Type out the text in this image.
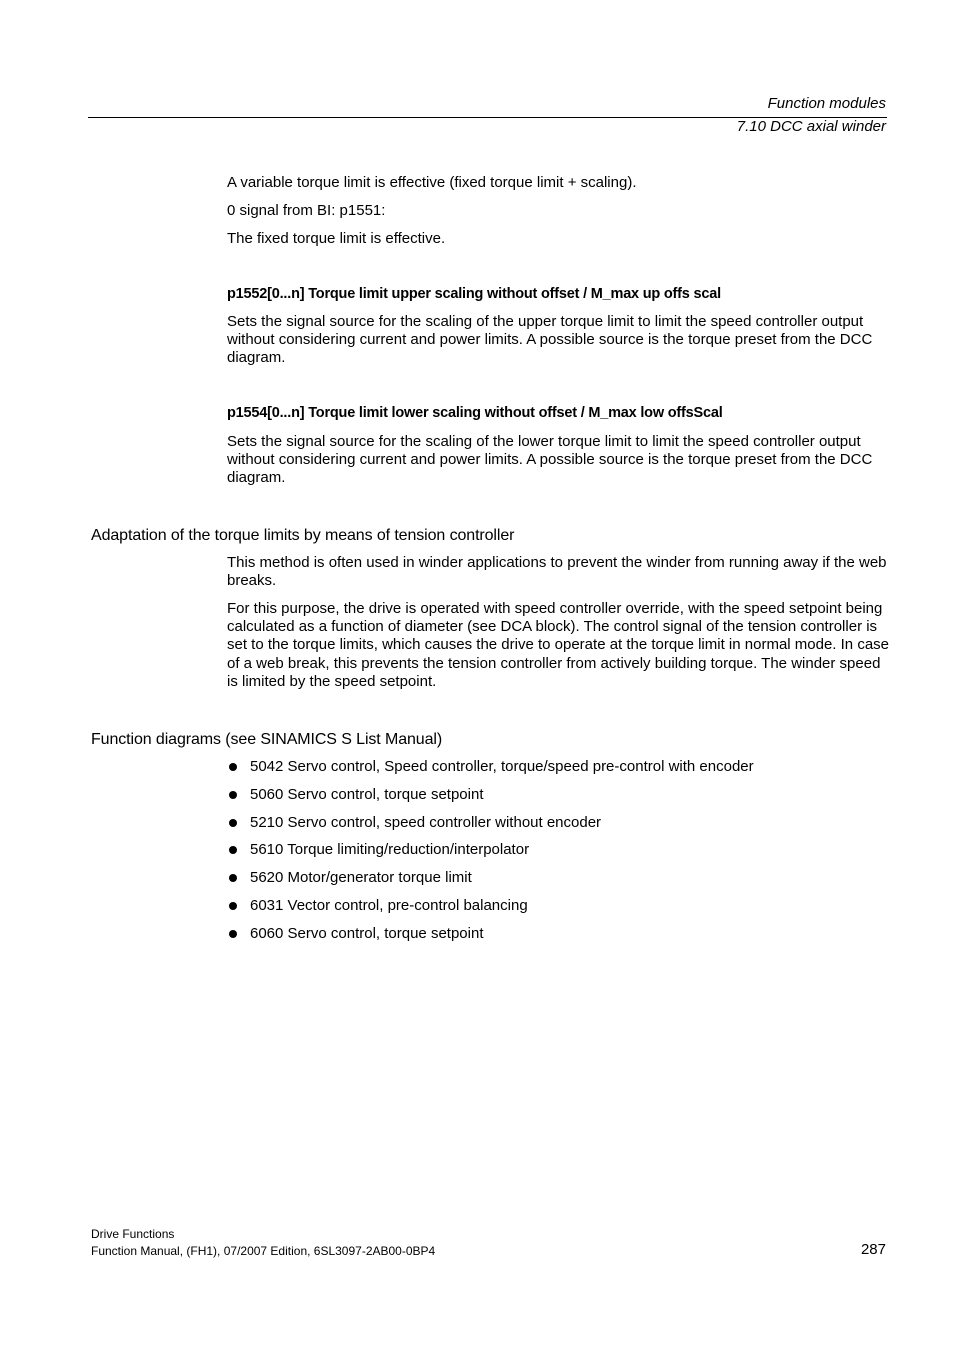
Function modules
7.10 DCC axial winder
A variable torque limit is effective (fixed torque limit + scaling).
0 signal from BI: p1551:
The fixed torque limit is effective.
p1552[0...n] Torque limit upper scaling without offset / M_max up offs scal
Sets the signal source for the scaling of the upper torque limit to limit the speed controller output without considering current and power limits. A possible source is the torque preset from the DCC diagram.
p1554[0...n] Torque limit lower scaling without offset / M_max low offsScal
Sets the signal source for the scaling of the lower torque limit to limit the speed controller output without considering current and power limits. A possible source is the torque preset from the DCC diagram.
Adaptation of the torque limits by means of tension controller
This method is often used in winder applications to prevent the winder from running away if the web breaks.
For this purpose, the drive is operated with speed controller override, with the speed setpoint being calculated as a function of diameter (see DCA block). The control signal of the tension controller is set to the torque limits, which causes the drive to operate at the torque limit in normal mode. In case of a web break, this prevents the tension controller from actively building torque. The winder speed is limited by the speed setpoint.
Function diagrams (see SINAMICS S List Manual)
5042 Servo control, Speed controller, torque/speed pre-control with encoder
5060 Servo control, torque setpoint
5210 Servo control, speed controller without encoder
5610 Torque limiting/reduction/interpolator
5620 Motor/generator torque limit
6031 Vector control, pre-control balancing
6060 Servo control, torque setpoint
Drive Functions
Function Manual, (FH1), 07/2007 Edition, 6SL3097-2AB00-0BP4	287
